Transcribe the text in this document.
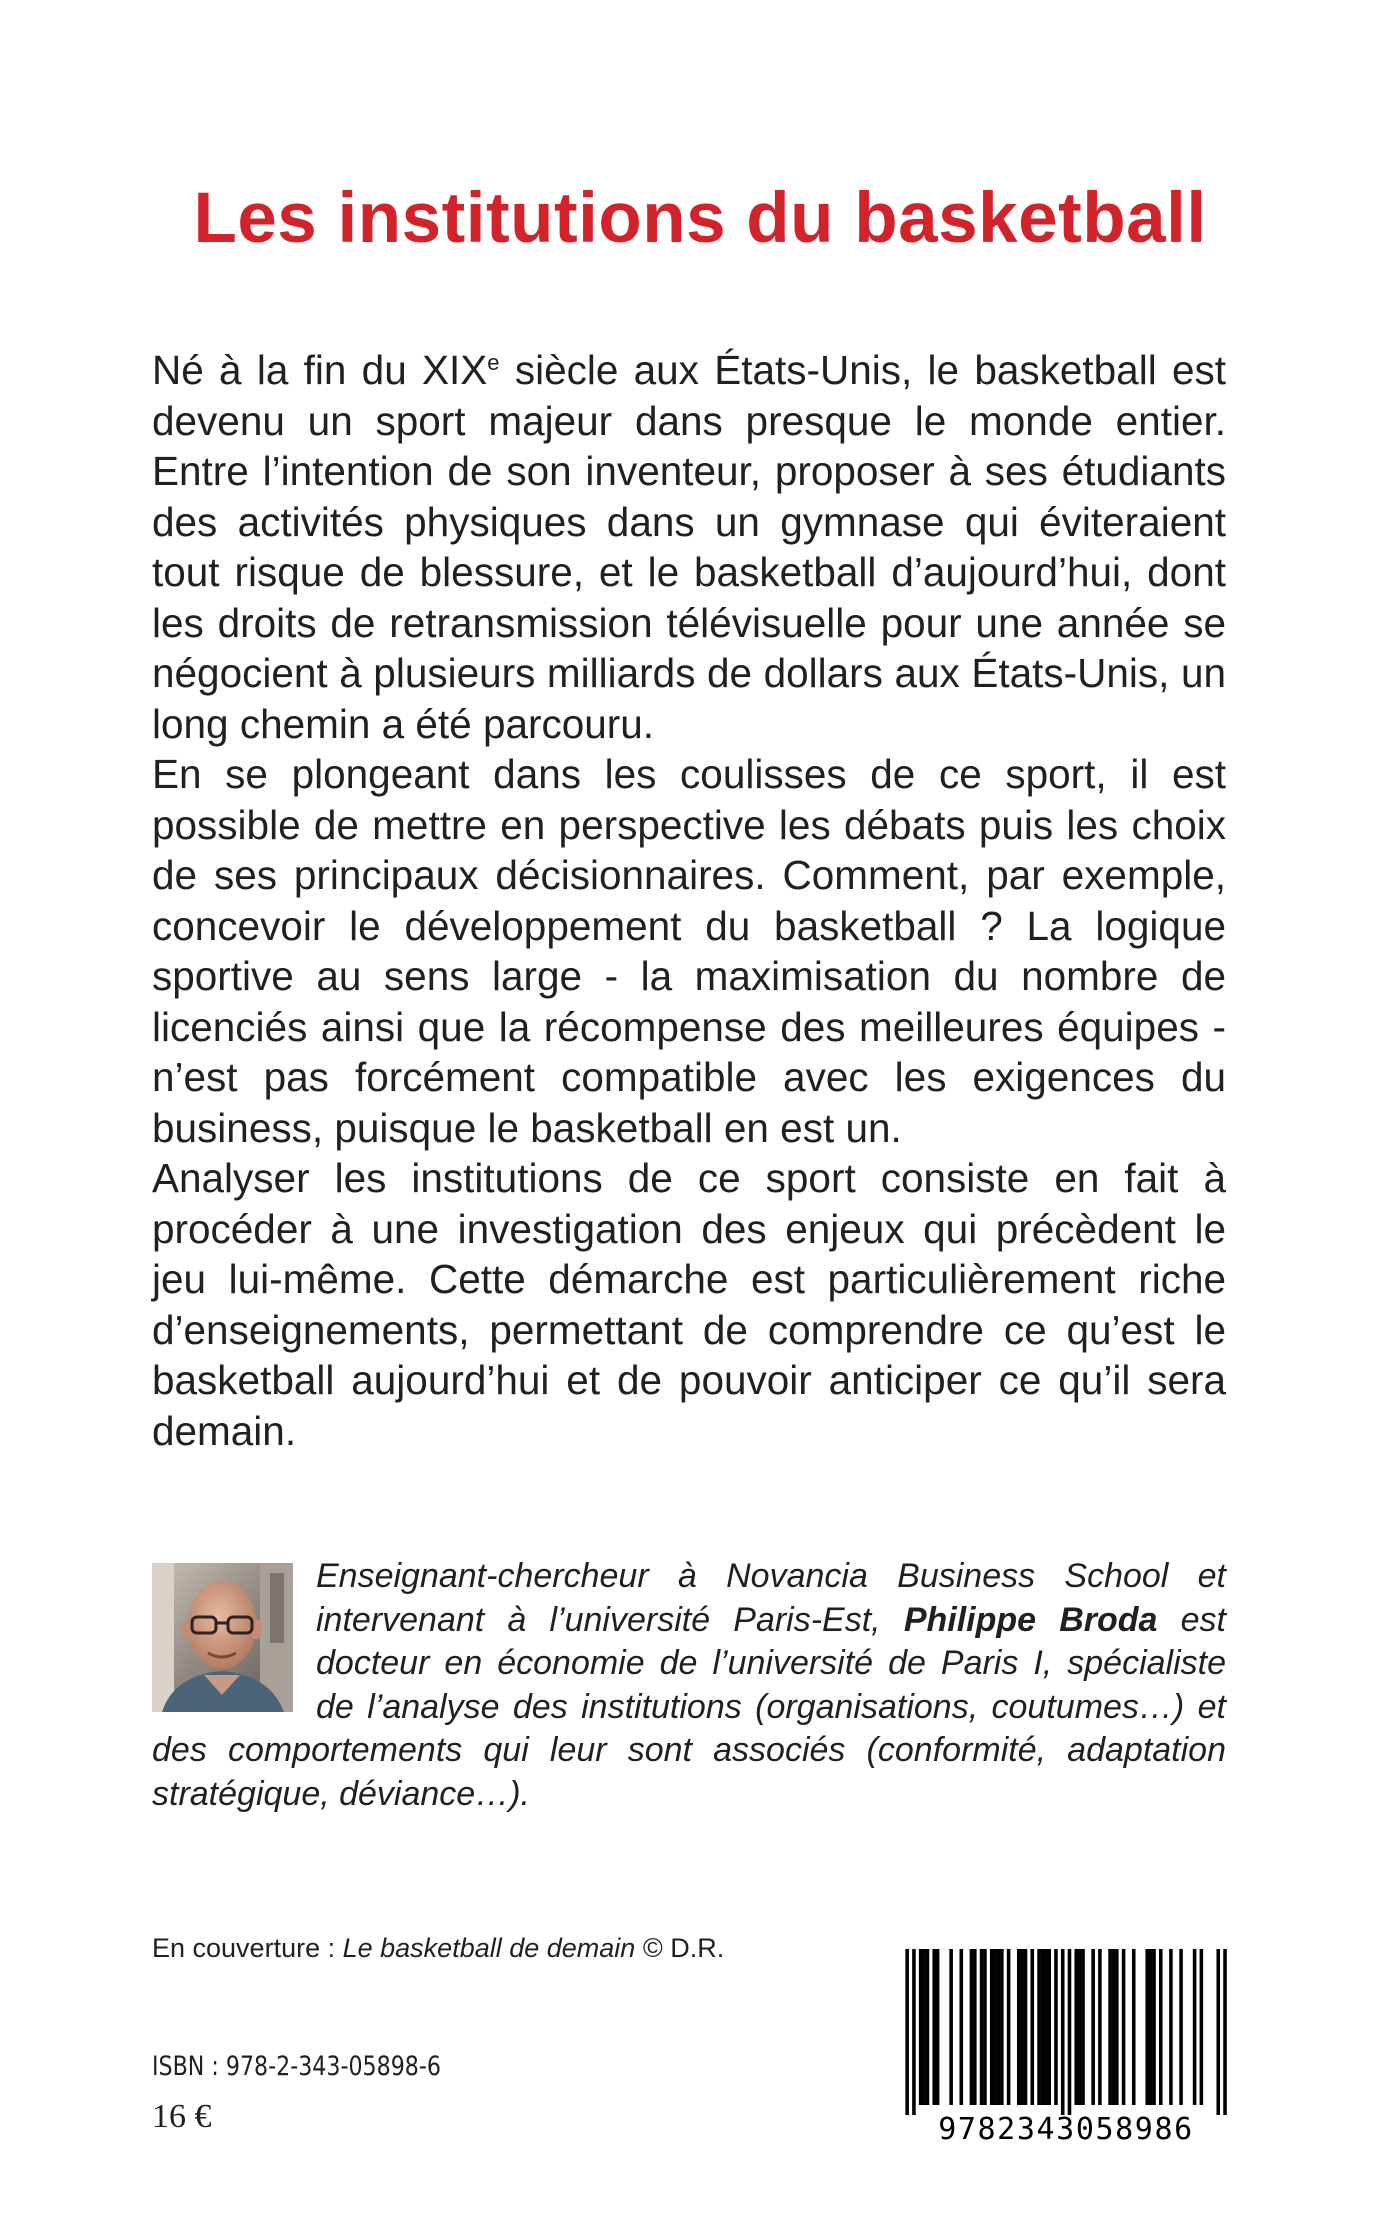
Les institutions du basketball

Né à la fin du XIXe siècle aux États-Unis, le basketball est devenu un sport majeur dans presque le monde entier. Entre l’intention de son inventeur, proposer à ses étudiants des activités physiques dans un gymnase qui éviteraient tout risque de blessure, et le basketball d’aujourd’hui, dont les droits de retransmission télévisuelle pour une année se négocient à plusieurs milliards de dollars aux États-Unis, un long chemin a été parcouru.

En se plongeant dans les coulisses de ce sport, il est possible de mettre en perspective les débats puis les choix de ses principaux décisionnaires. Comment, par exemple, concevoir le développement du basketball ? La logique sportive au sens large - la maximisation du nombre de licenciés ainsi que la récompense des meilleures équipes - n’est pas forcément compatible avec les exigences du business, puisque le basketball en est un.

Analyser les institutions de ce sport consiste en fait à procéder à une investigation des enjeux qui précèdent le jeu lui-même. Cette démarche est particulièrement riche d’enseignements, permettant de comprendre ce qu’est le basketball aujourd’hui et de pouvoir anticiper ce qu’il sera demain.

Enseignant-chercheur à Novancia Business School et intervenant à l’université Paris-Est, Philippe Broda est docteur en économie de l’université de Paris I, spécialiste de l’analyse des institutions (organisations, coutumes…) et des comportements qui leur sont associés (conformité, adaptation stratégique, déviance…).

En couverture : Le basketball de demain © D.R.

ISBN : 978-2-343-05898-6

16 €	9782343058986
